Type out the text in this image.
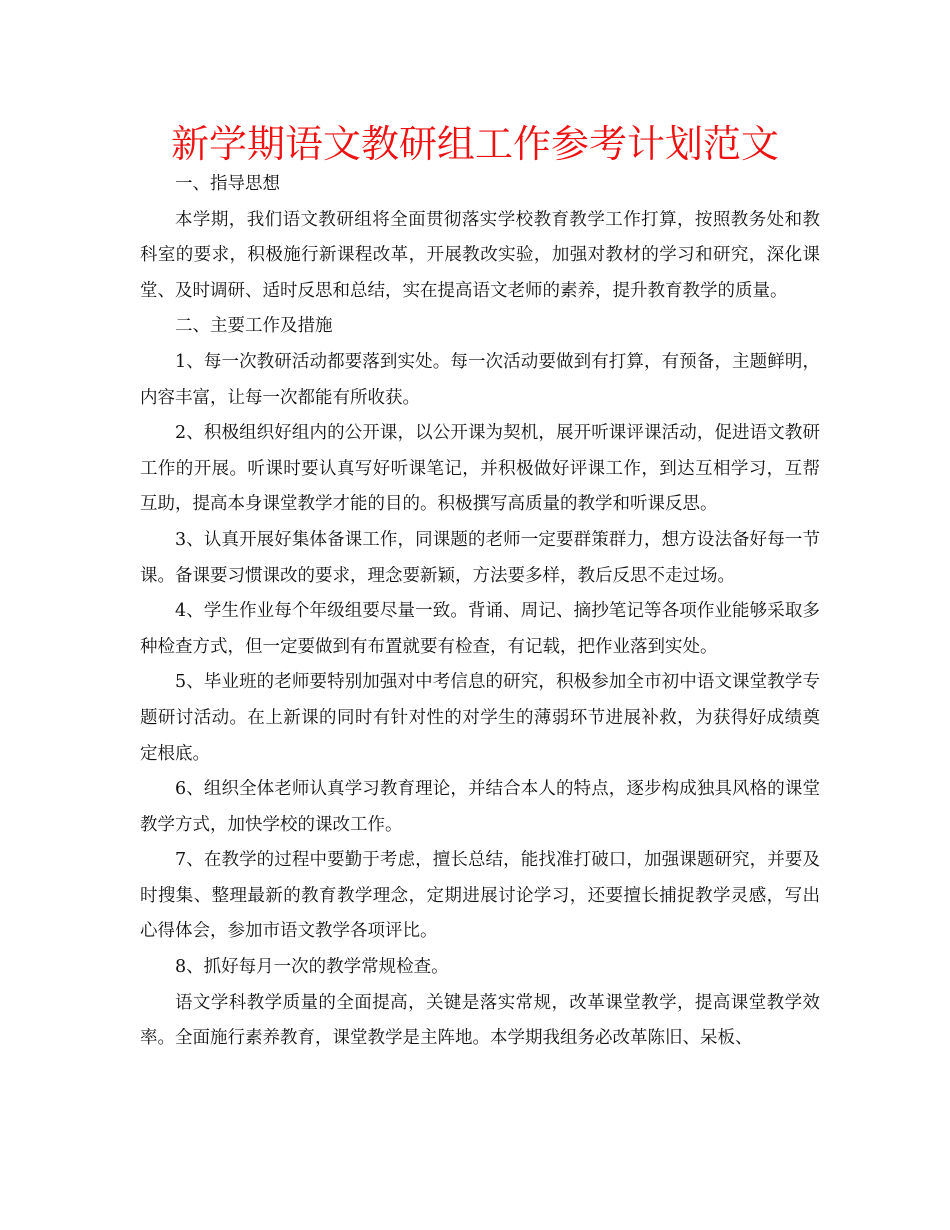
新学期语文教研组工作参考计划范文

一、指导思想

本学期，我们语文教研组将全面贯彻落实学校教育教学工作打算，按照教务处和教科室的要求，积极施行新课程改革，开展教改实验，加强对教材的学习和研究，深化课堂、及时调研、适时反思和总结，实在提高语文老师的素养，提升教育教学的质量。

二、主要工作及措施

1、每一次教研活动都要落到实处。每一次活动要做到有打算，有预备，主题鲜明，内容丰富，让每一次都能有所收获。

2、积极组织好组内的公开课，以公开课为契机，展开听课评课活动，促进语文教研工作的开展。听课时要认真写好听课笔记，并积极做好评课工作，到达互相学习，互帮互助，提高本身课堂教学才能的目的。积极撰写高质量的教学和听课反思。

3、认真开展好集体备课工作，同课题的老师一定要群策群力，想方设法备好每一节课。备课要习惯课改的要求，理念要新颖，方法要多样，教后反思不走过场。

4、学生作业每个年级组要尽量一致。背诵、周记、摘抄笔记等各项作业能够采取多种检查方式，但一定要做到有布置就要有检查，有记载，把作业落到实处。

5、毕业班的老师要特别加强对中考信息的研究，积极参加全市初中语文课堂教学专题研讨活动。在上新课的同时有针对性的对学生的薄弱环节进展补救，为获得好成绩奠定根底。

6、组织全体老师认真学习教育理论，并结合本人的特点，逐步构成独具风格的课堂教学方式，加快学校的课改工作。

7、在教学的过程中要勤于考虑，擅长总结，能找准打破口，加强课题研究，并要及时搜集、整理最新的教育教学理念，定期进展讨论学习，还要擅长捕捉教学灵感，写出心得体会，参加市语文教学各项评比。

8、抓好每月一次的教学常规检查。

语文学科教学质量的全面提高，关键是落实常规，改革课堂教学，提高课堂教学效率。全面施行素养教育，课堂教学是主阵地。本学期我组务必改革陈旧、呆板、
